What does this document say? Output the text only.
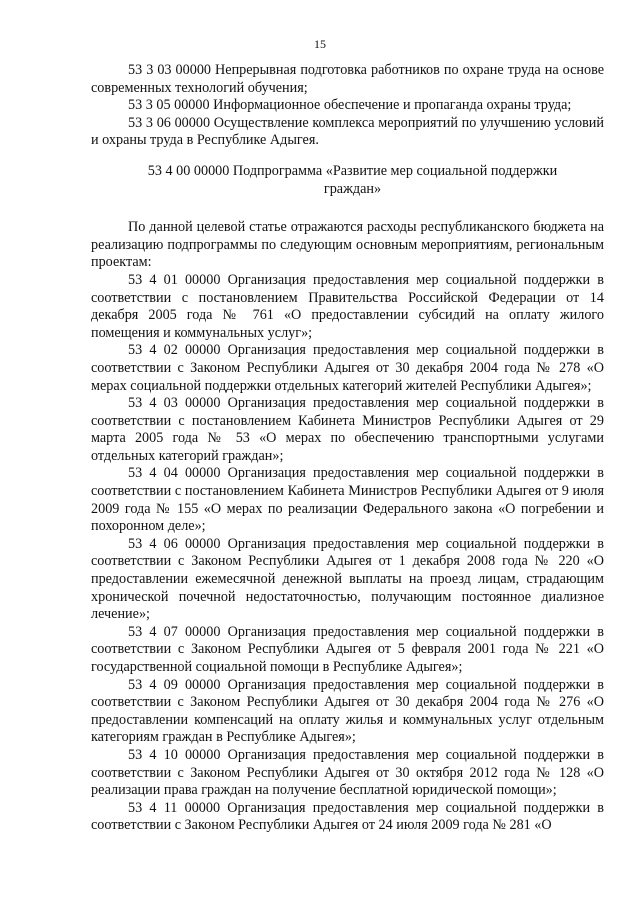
15

53 3 03 00000 Непрерывная подготовка работников по охране труда на основе современных технологий обучения;

53 3 05 00000 Информационное обеспечение и пропаганда охраны труда;

53 3 06 00000 Осуществление комплекса мероприятий по улучшению условий и охраны труда в Республике Адыгея.

53 4 00 00000 Подпрограмма «Развитие мер социальной поддержки граждан»

По данной целевой статье отражаются расходы республиканского бюджета на реализацию подпрограммы по следующим основным мероприятиям, региональным проектам:

53 4 01 00000 Организация предоставления мер социальной поддержки в соответствии с постановлением Правительства Российской Федерации от 14 декабря 2005 года № 761 «О предоставлении субсидий на оплату жилого помещения и коммунальных услуг»;

53 4 02 00000 Организация предоставления мер социальной поддержки в соответствии с Законом Республики Адыгея от 30 декабря 2004 года № 278 «О мерах социальной поддержки отдельных категорий жителей Республики Адыгея»;

53 4 03 00000 Организация предоставления мер социальной поддержки в соответствии с постановлением Кабинета Министров Республики Адыгея от 29 марта 2005 года № 53 «О мерах по обеспечению транспортными услугами отдельных категорий граждан»;

53 4 04 00000 Организация предоставления мер социальной поддержки в соответствии с постановлением Кабинета Министров Республики Адыгея от 9 июля 2009 года № 155 «О мерах по реализации Федерального закона «О погребении и похоронном деле»;

53 4 06 00000 Организация предоставления мер социальной поддержки в соответствии с Законом Республики Адыгея от 1 декабря 2008 года № 220 «О предоставлении ежемесячной денежной выплаты на проезд лицам, страдающим хронической почечной недостаточностью, получающим постоянное диализное лечение»;

53 4 07 00000 Организация предоставления мер социальной поддержки в соответствии с Законом Республики Адыгея от 5 февраля 2001 года № 221 «О государственной социальной помощи в Республике Адыгея»;

53 4 09 00000 Организация предоставления мер социальной поддержки в соответствии с Законом Республики Адыгея от 30 декабря 2004 года № 276 «О предоставлении компенсаций на оплату жилья и коммунальных услуг отдельным категориям граждан в Республике Адыгея»;

53 4 10 00000 Организация предоставления мер социальной поддержки в соответствии с Законом Республики Адыгея от 30 октября 2012 года № 128 «О реализации права граждан на получение бесплатной юридической помощи»;

53 4 11 00000 Организация предоставления мер социальной поддержки в соответствии с Законом Республики Адыгея от 24 июля 2009 года № 281 «О
